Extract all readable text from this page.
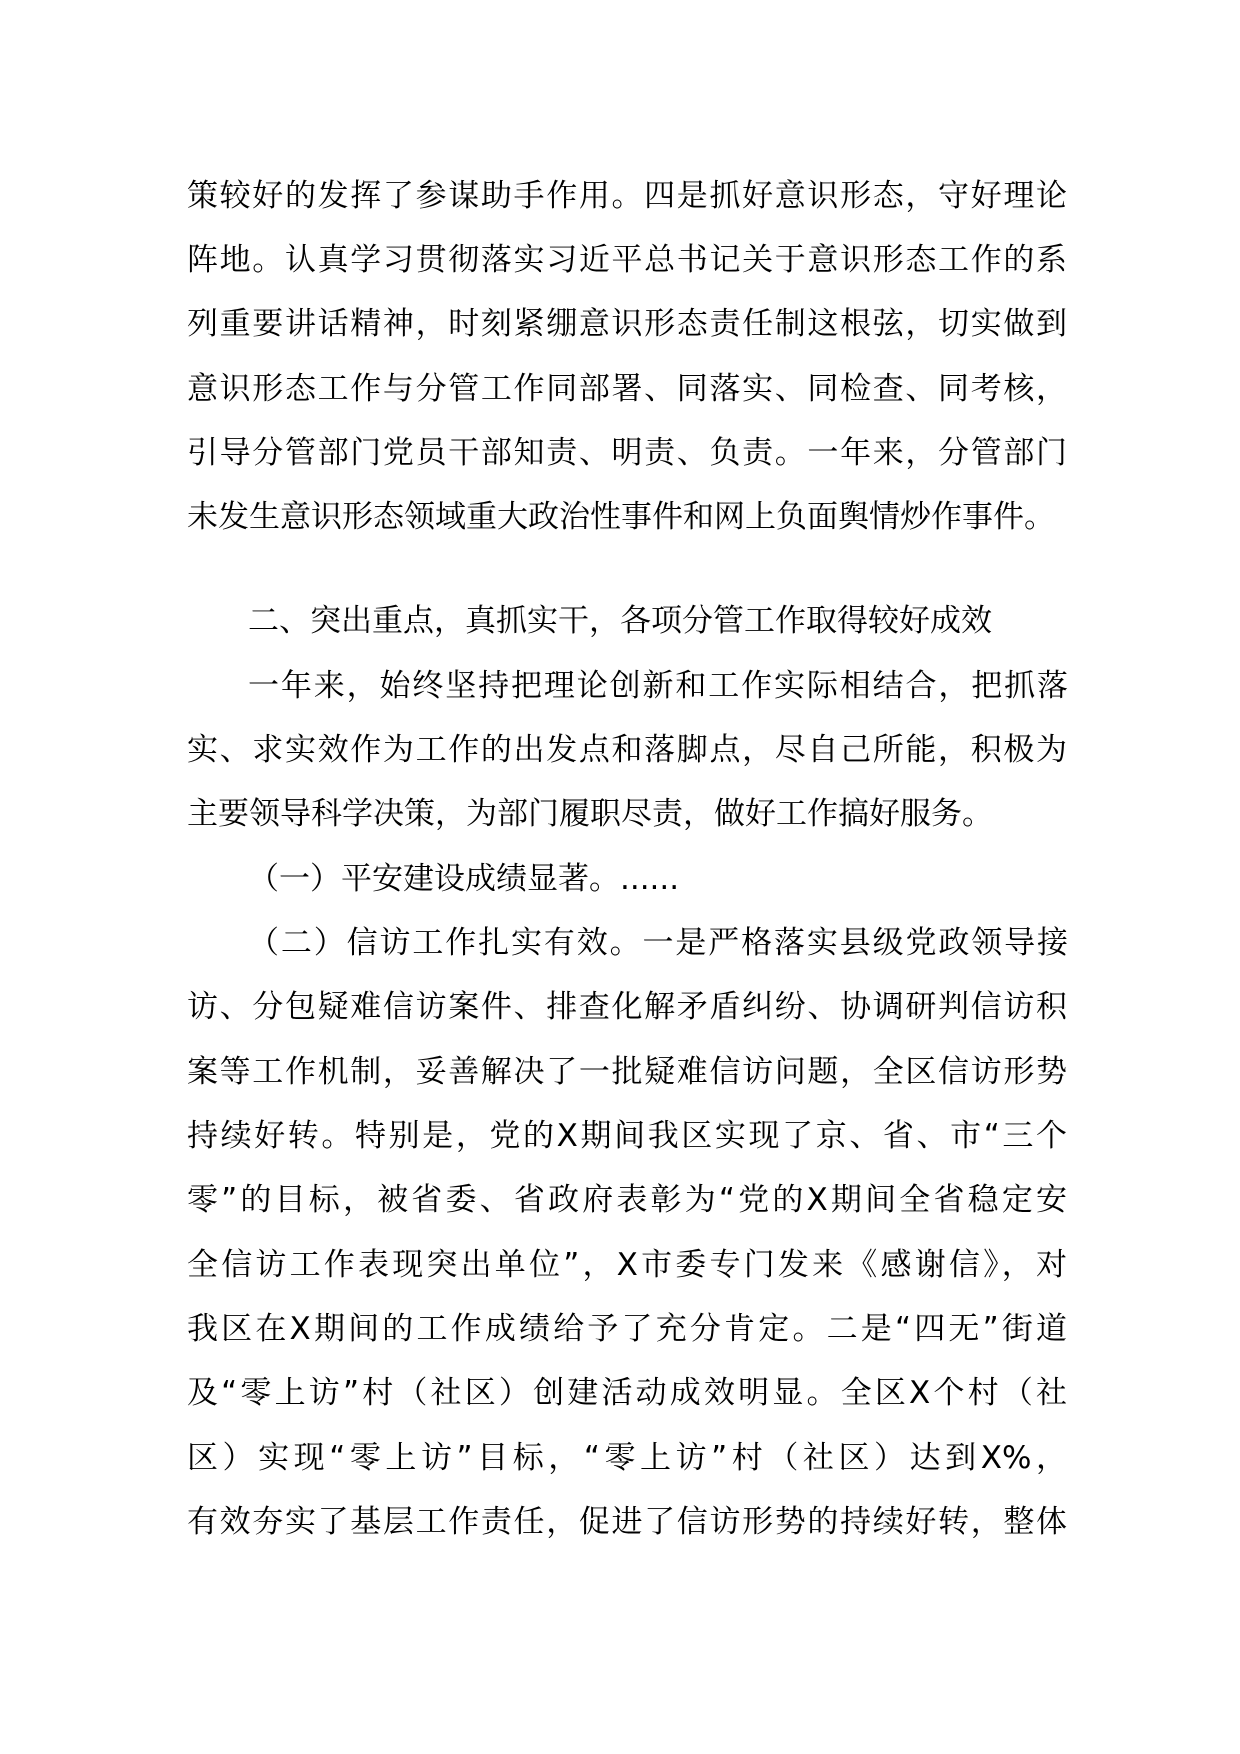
策较好的发挥了参谋助手作用。四是抓好意识形态，守好理论
阵地。认真学习贯彻落实习近平总书记关于意识形态工作的系
列重要讲话精神，时刻紧绷意识形态责任制这根弦，切实做到
意识形态工作与分管工作同部署、同落实、同检查、同考核，
引导分管部门党员干部知责、明责、负责。一年来，分管部门
未发生意识形态领域重大政治性事件和网上负面舆情炒作事件。
二、突出重点，真抓实干，各项分管工作取得较好成效
一年来，始终坚持把理论创新和工作实际相结合，把抓落
实、求实效作为工作的出发点和落脚点，尽自己所能，积极为
主要领导科学决策，为部门履职尽责，做好工作搞好服务。
（一）平安建设成绩显著。......
（二）信访工作扎实有效。一是严格落实县级党政领导接
访、分包疑难信访案件、排查化解矛盾纠纷、协调研判信访积
案等工作机制，妥善解决了一批疑难信访问题，全区信访形势
持续好转。特别是，党的X期间我区实现了京、省、市“三个
零”的目标，被省委、省政府表彰为“党的X期间全省稳定安
全信访工作表现突出单位”，X市委专门发来《感谢信》，对
我区在X期间的工作成绩给予了充分肯定。二是“四无”街道
及“零上访”村（社区）创建活动成效明显。全区X个村（社
区）实现“零上访”目标，“零上访”村（社区）达到X%，
有效夯实了基层工作责任，促进了信访形势的持续好转，整体
